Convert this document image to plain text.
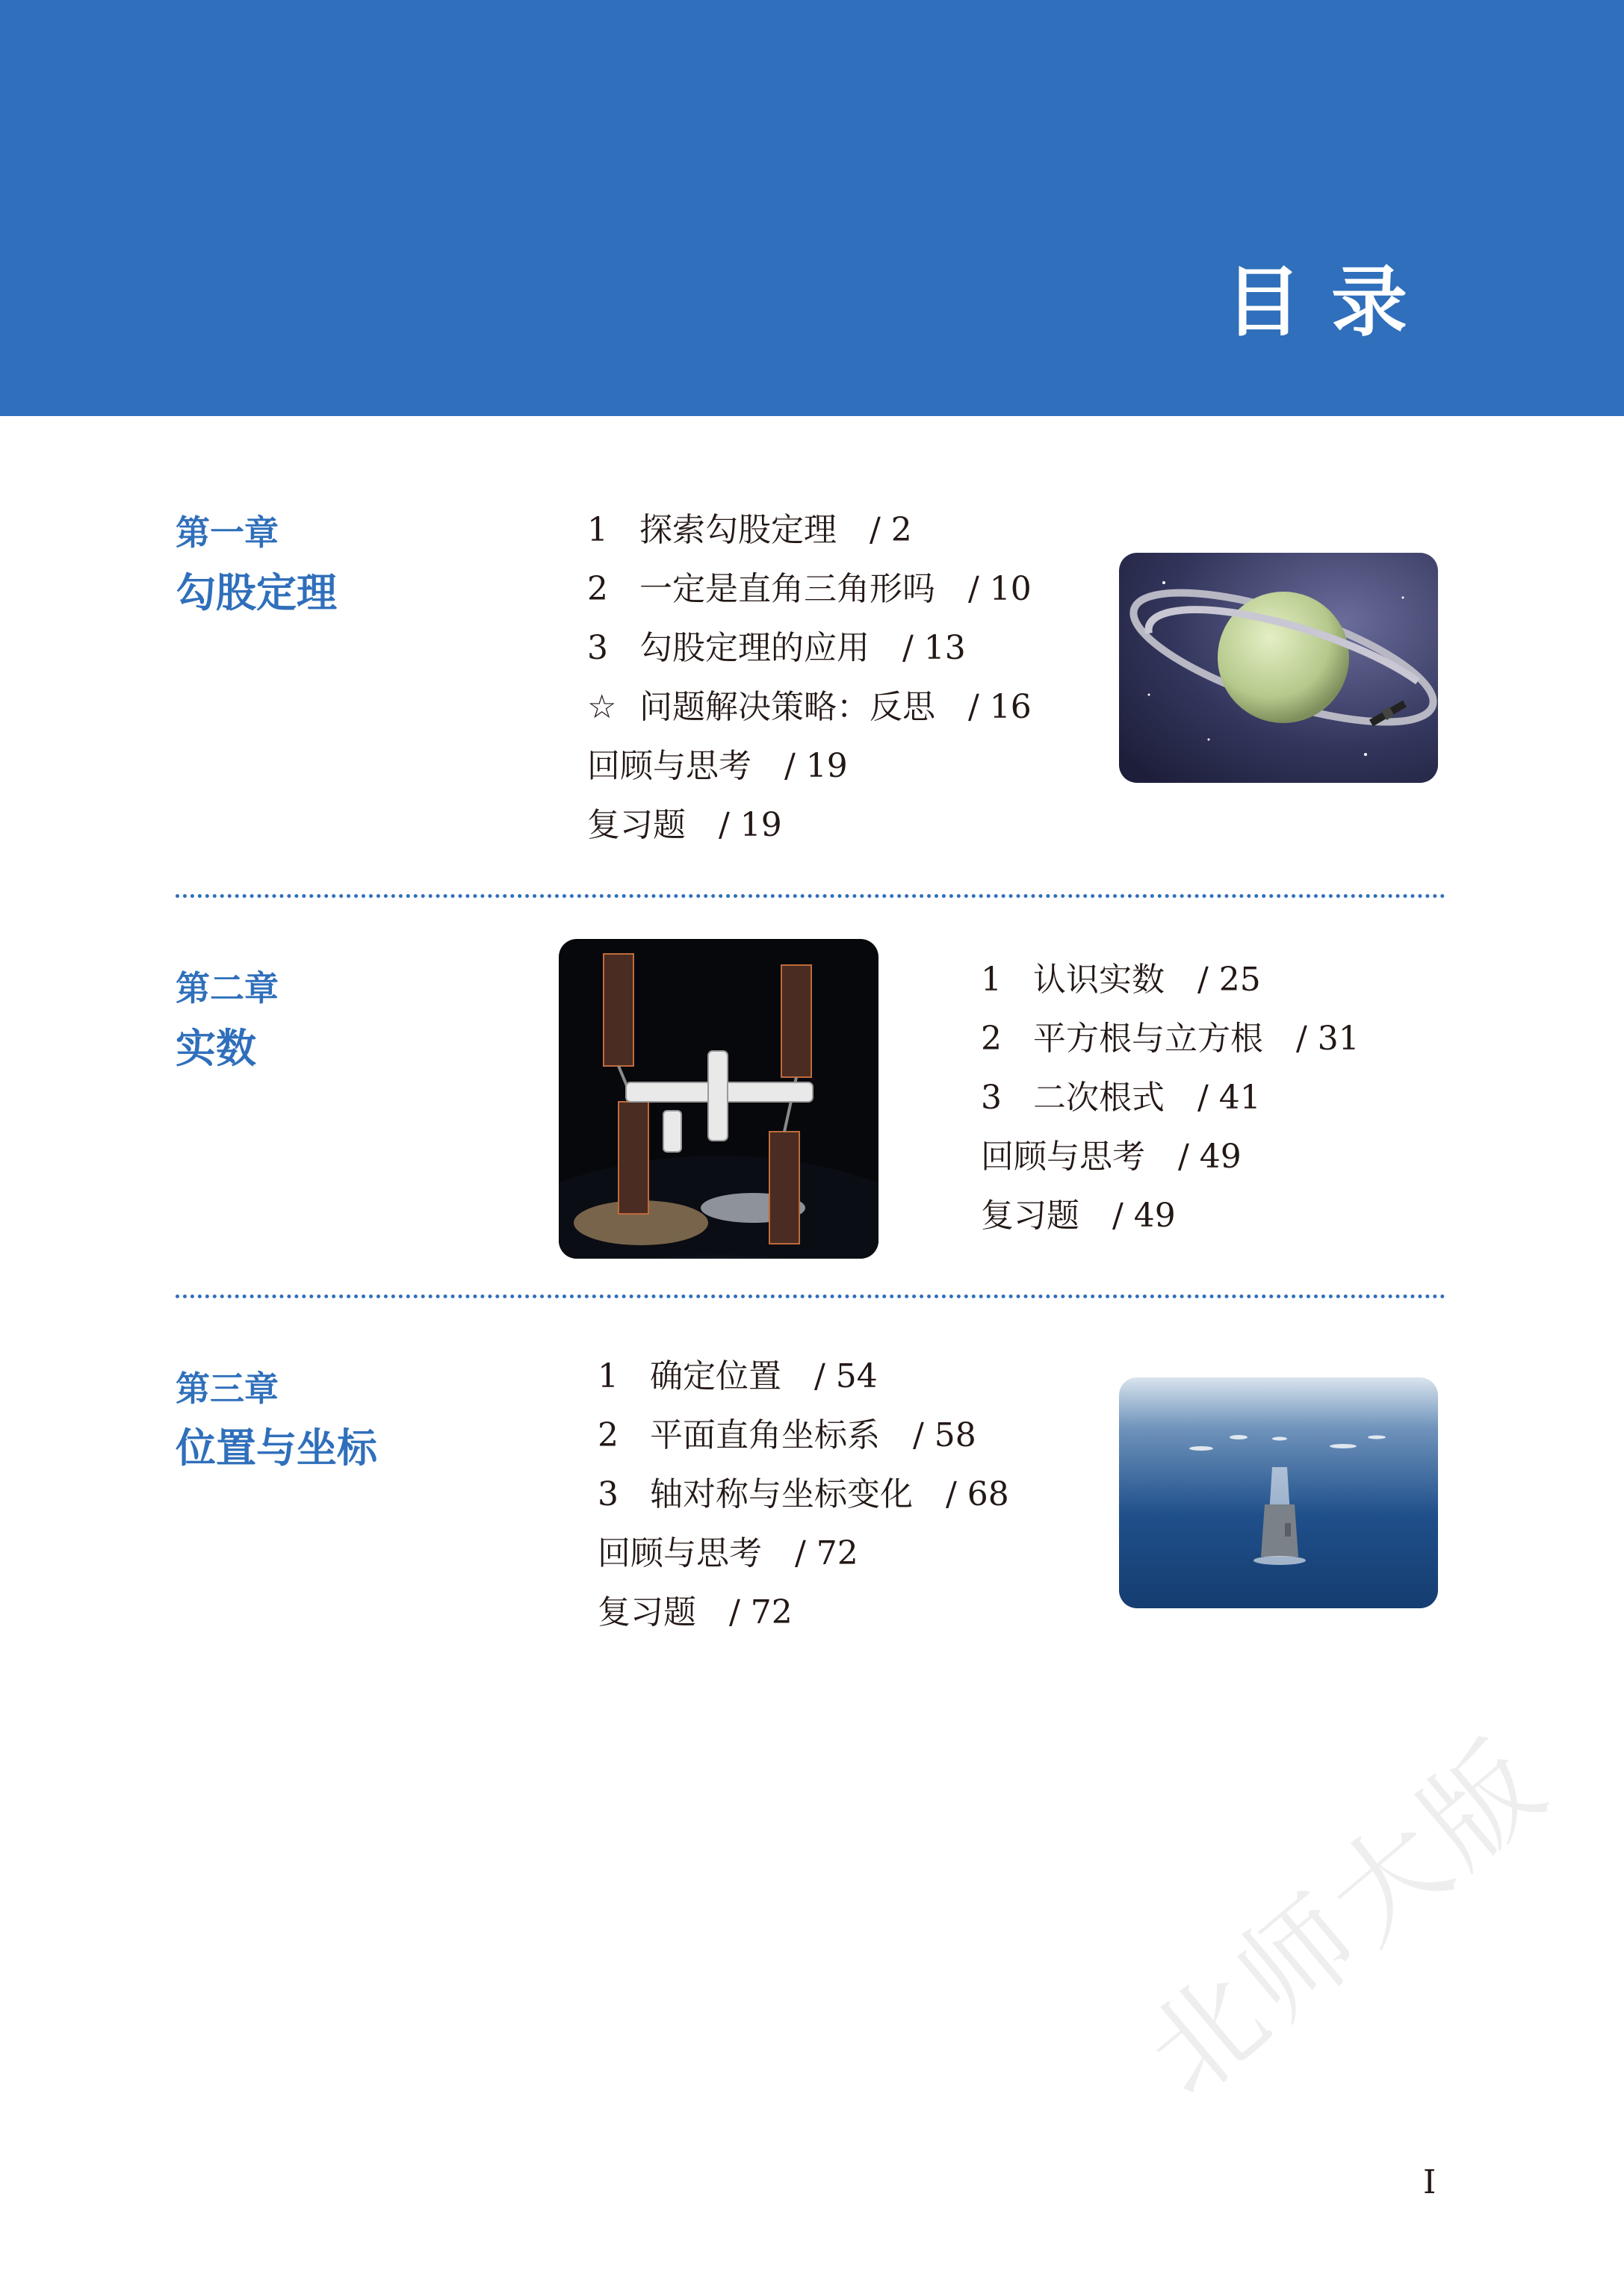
目录
第一章
勾股定理
1 探索勾股定理 / 2
2 一定是直角三角形吗 / 10
3 勾股定理的应用 / 13
☆ 问题解决策略：反思 / 16
回顾与思考 / 19
复习题 / 19
第二章
实数
1 认识实数 / 25
2 平方根与立方根 / 31
3 二次根式 / 41
回顾与思考 / 49
复习题 / 49
第三章
位置与坐标
1 确定位置 / 54
2 平面直角坐标系 / 58
3 轴对称与坐标变化 / 68
回顾与思考 / 72
复习题 / 72
北师大版
I
